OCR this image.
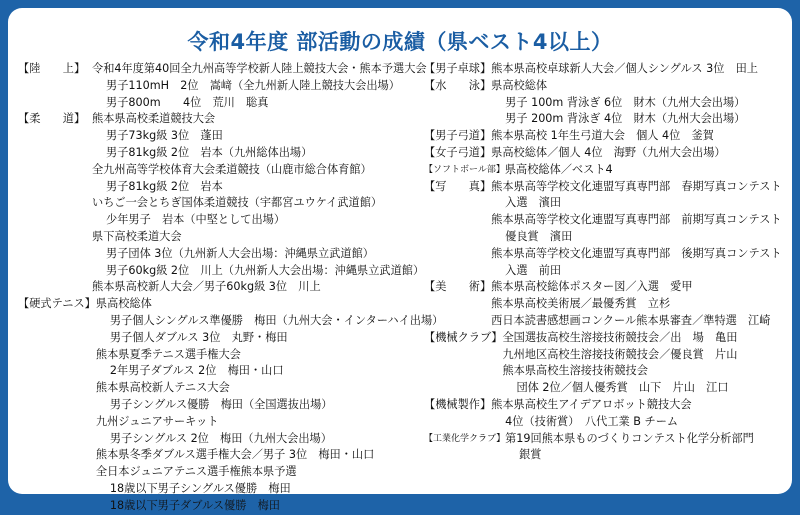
令和4年度 部活動の成績（県ベスト4以上）
【陸　　上】 令和4年度第40回全九州高等学校新人陸上競技大会・熊本予選大会
男子110mH　2位　嵩﨑（全九州新人陸上競技大会出場）
男子800m　　4位　荒川　聡真
【柔　　道】 熊本県高校柔道競技大会
男子73kg級 3位　蓬田
男子81kg級 2位　岩本（九州総体出場）
全九州高等学校体育大会柔道競技（山鹿市総合体育館）
男子81kg級 2位　岩本
いちご一会とちぎ国体柔道競技（宇都宮ユウケイ武道館）
少年男子　岩本（中堅として出場）
県下高校柔道大会
男子団体 3位（九州新人大会出場：沖縄県立武道館）
男子60kg級 2位　川上（九州新人大会出場：沖縄県立武道館）
熊本県高校新人大会／男子60kg級 3位　川上
【硬式テニス】 県高校総体
男子個人シングルス準優勝　梅田（九州大会・インターハイ出場）
男子個人ダブルス 3位　丸野・梅田
熊本県夏季テニス選手権大会
2年男子ダブルス 2位　梅田・山口
熊本県高校新人テニス大会
男子シングルス優勝　梅田（全国選抜出場）
九州ジュニアサーキット
男子シングルス 2位　梅田（九州大会出場）
熊本県冬季ダブルス選手権大会／男子 3位　梅田・山口
全日本ジュニアテニス選手権熊本県予選
18歳以下男子シングルス優勝　梅田
18歳以下男子ダブルス優勝　梅田
【男子卓球】 熊本県高校卓球新人大会／個人シングルス 3位　田上
【水　　泳】 県高校総体
男子 100m 背泳ぎ 6位　財木（九州大会出場）
男子 200m 背泳ぎ 4位　財木（九州大会出場）
【男子弓道】 熊本県高校 1年生弓道大会　個人 4位　釜賀
【女子弓道】 県高校総体／個人 4位　海野（九州大会出場）
【ソフトボール部】 県高校総体／ベスト4
【写　　真】 熊本県高等学校文化連盟写真専門部　春期写真コンテスト
入選　濱田
熊本県高等学校文化連盟写真専門部　前期写真コンテスト
優良賞　濱田
熊本県高等学校文化連盟写真専門部　後期写真コンテスト
入選　前田
【美　　術】 熊本県高校総体ポスター図／入選　愛甲
熊本県高校美術展／最優秀賞　立杉
西日本読書感想画コンクール熊本県審査／準特選　江崎
【機械クラブ】 全国選抜高校生溶接技術競技会／出　場　亀田
九州地区高校生溶接技術競技会／優良賞　片山
熊本県高校生溶接技術競技会
団体 2位／個人優秀賞　山下　片山　江口
【機械製作】 熊本県高校生アイデアロボット競技大会
4位（技術賞）　八代工業 B チーム
【工業化学クラブ】 第19回熊本県ものづくりコンテスト化学分析部門
銀賞
